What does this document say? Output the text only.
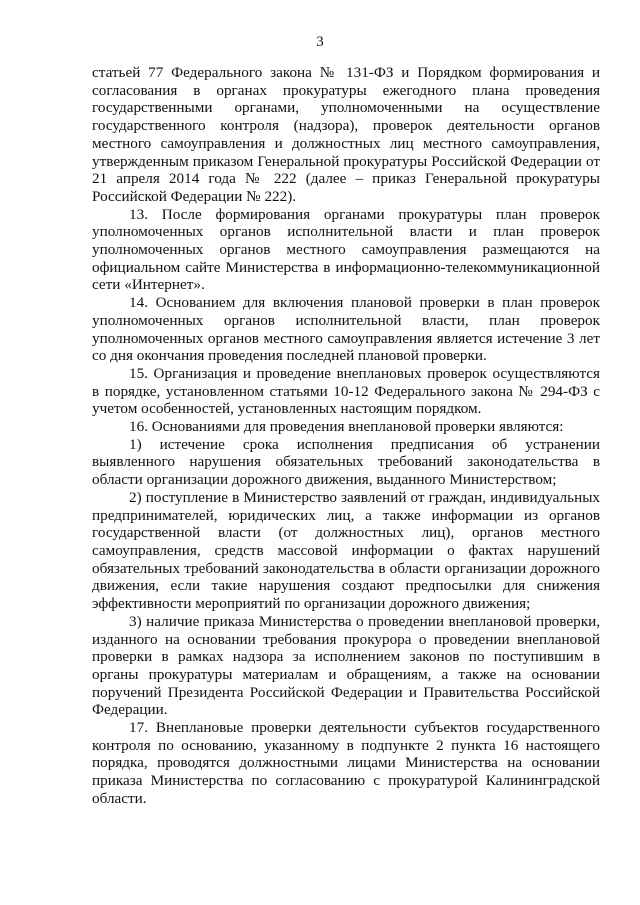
3

статьей 77 Федерального закона № 131-ФЗ и Порядком формирования и согласования в органах прокуратуры ежегодного плана проведения государственными органами, уполномоченными на осуществление государственного контроля (надзора), проверок деятельности органов местного самоуправления и должностных лиц местного самоуправления, утвержденным приказом Генеральной прокуратуры Российской Федерации от 21 апреля 2014 года № 222 (далее – приказ Генеральной прокуратуры Российской Федерации № 222).

13. После формирования органами прокуратуры план проверок уполномоченных органов исполнительной власти и план проверок уполномоченных органов местного самоуправления размещаются на официальном сайте Министерства в информационно-телекоммуникационной сети «Интернет».

14. Основанием для включения плановой проверки в план проверок уполномоченных органов исполнительной власти, план проверок уполномоченных органов местного самоуправления является истечение 3 лет со дня окончания проведения последней плановой проверки.

15. Организация и проведение внеплановых проверок осуществляются в порядке, установленном статьями 10-12 Федерального закона № 294-ФЗ с учетом особенностей, установленных настоящим порядком.

16. Основаниями для проведения внеплановой проверки являются:

1) истечение срока исполнения предписания об устранении выявленного нарушения обязательных требований законодательства в области организации дорожного движения, выданного Министерством;

2) поступление в Министерство заявлений от граждан, индивидуальных предпринимателей, юридических лиц, а также информации из органов государственной власти (от должностных лиц), органов местного самоуправления, средств массовой информации о фактах нарушений обязательных требований законодательства в области организации дорожного движения, если такие нарушения создают предпосылки для снижения эффективности мероприятий по организации дорожного движения;

3) наличие приказа Министерства о проведении внеплановой проверки, изданного на основании требования прокурора о проведении внеплановой проверки в рамках надзора за исполнением законов по поступившим в органы прокуратуры материалам и обращениям, а также на основании поручений Президента Российской Федерации и Правительства Российской Федерации.

17. Внеплановые проверки деятельности субъектов государственного контроля по основанию, указанному в подпункте 2 пункта 16 настоящего порядка, проводятся должностными лицами Министерства на основании приказа Министерства по согласованию с прокуратурой Калининградской области.
